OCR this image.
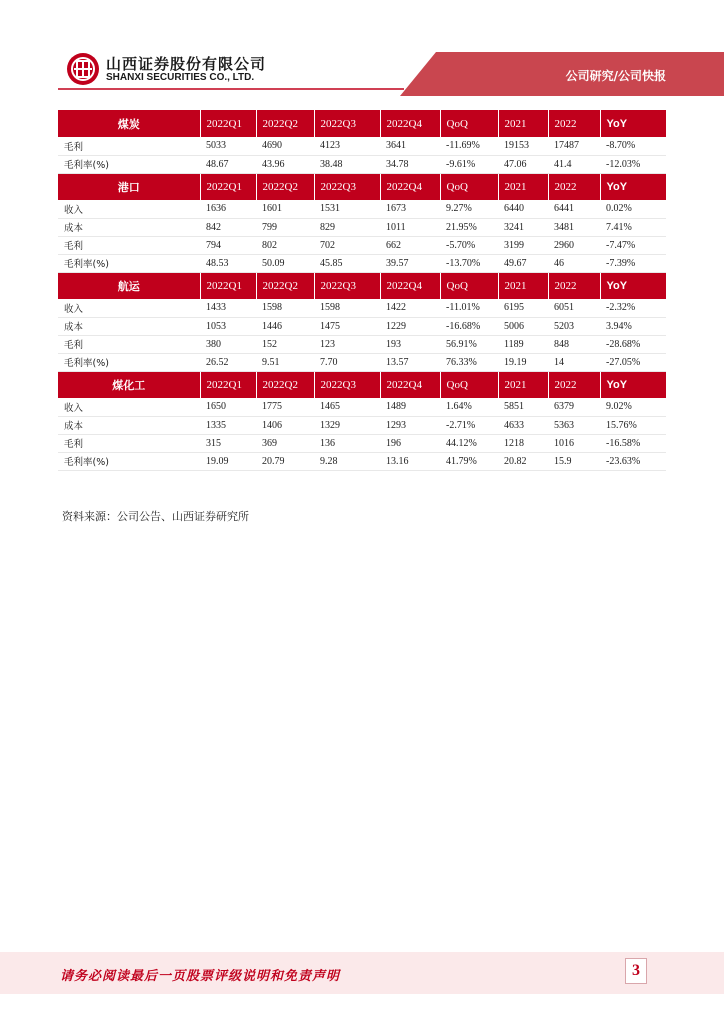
山西证券股份有限公司
SHANXI SECURITIES CO., LTD.	公司研究/公司快报
煤炭	2022Q1	2022Q2	2022Q3	2022Q4	QoQ	2021	2022	YoY
毛利	5033	4690	4123	3641	-11.69%	19153	17487	-8.70%
毛利率(%)	48.67	43.96	38.48	34.78	-9.61%	47.06	41.4	-12.03%
港口	2022Q1	2022Q2	2022Q3	2022Q4	QoQ	2021	2022	YoY
收入	1636	1601	1531	1673	9.27%	6440	6441	0.02%
成本	842	799	829	1011	21.95%	3241	3481	7.41%
毛利	794	802	702	662	-5.70%	3199	2960	-7.47%
毛利率(%)	48.53	50.09	45.85	39.57	-13.70%	49.67	46	-7.39%
航运	2022Q1	2022Q2	2022Q3	2022Q4	QoQ	2021	2022	YoY
收入	1433	1598	1598	1422	-11.01%	6195	6051	-2.32%
成本	1053	1446	1475	1229	-16.68%	5006	5203	3.94%
毛利	380	152	123	193	56.91%	1189	848	-28.68%
毛利率(%)	26.52	9.51	7.70	13.57	76.33%	19.19	14	-27.05%
煤化工	2022Q1	2022Q2	2022Q3	2022Q4	QoQ	2021	2022	YoY
收入	1650	1775	1465	1489	1.64%	5851	6379	9.02%
成本	1335	1406	1329	1293	-2.71%	4633	5363	15.76%
毛利	315	369	136	196	44.12%	1218	1016	-16.58%
毛利率(%)	19.09	20.79	9.28	13.16	41.79%	20.82	15.9	-23.63%
资料来源：公司公告、山西证券研究所
请务必阅读最后一页股票评级说明和免责声明	3
